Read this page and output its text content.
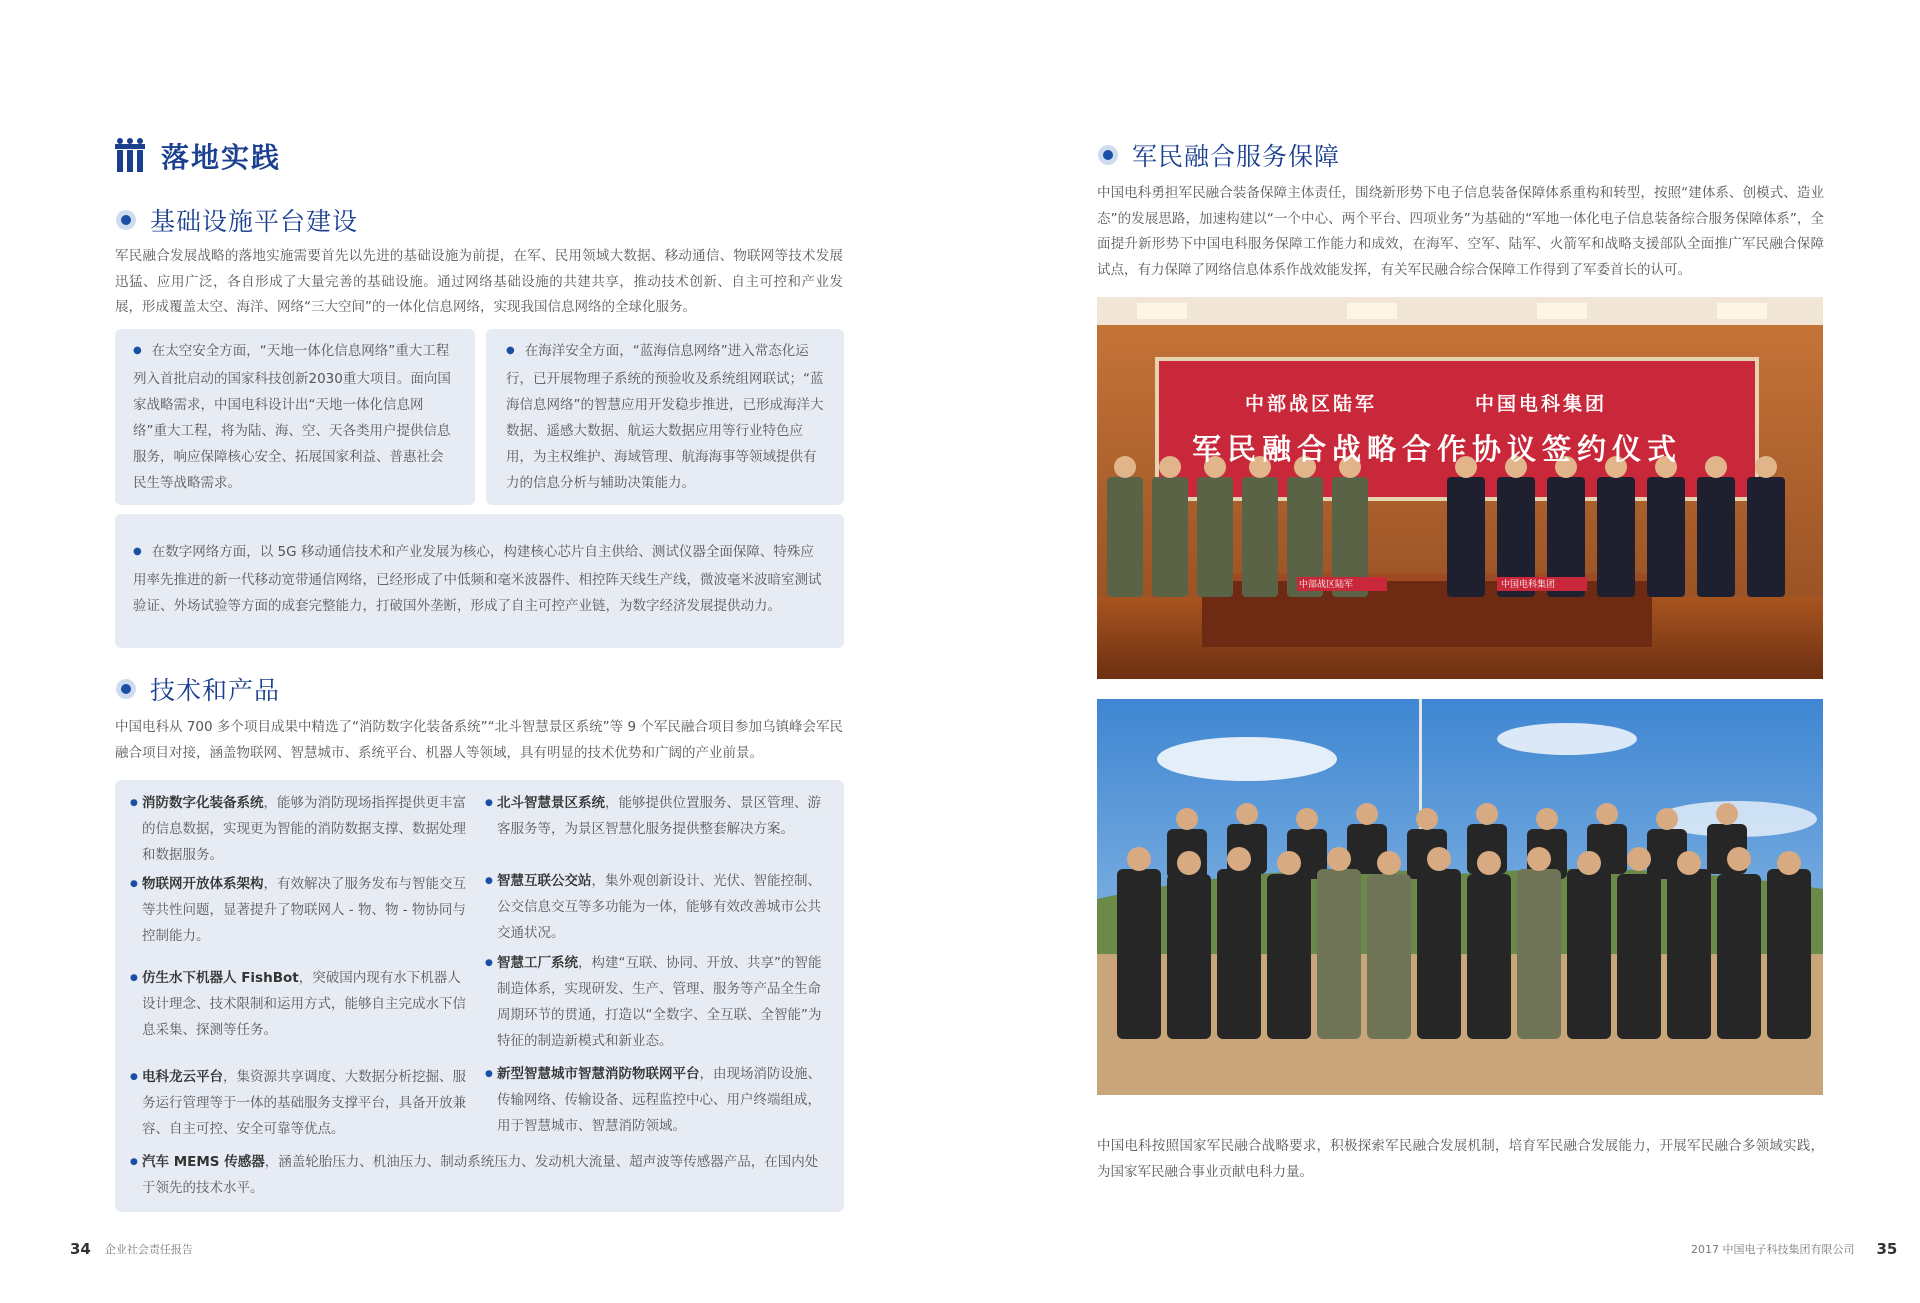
落地实践
基础设施平台建设
军民融合发展战略的落地实施需要首先以先进的基础设施为前提，在军、民用领域大数据、移动通信、物联网等技术发展迅猛、应用广泛，各自形成了大量完善的基础设施。通过网络基础设施的共建共享，推动技术创新、自主可控和产业发展，形成覆盖太空、海洋、网络“三大空间”的一体化信息网络，实现我国信息网络的全球化服务。
● 在太空安全方面，“天地一体化信息网络”重大工程列入首批启动的国家科技创新2030重大项目。面向国家战略需求，中国电科设计出“天地一体化信息网络”重大工程，将为陆、海、空、天各类用户提供信息服务，响应保障核心安全、拓展国家利益、普惠社会民生等战略需求。
● 在海洋安全方面，“蓝海信息网络”进入常态化运行，已开展物理子系统的预验收及系统组网联试；“蓝海信息网络”的智慧应用开发稳步推进，已形成海洋大数据、遥感大数据、航运大数据应用等行业特色应用，为主权维护、海域管理、航海海事等领域提供有力的信息分析与辅助决策能力。
● 在数字网络方面，以 5G 移动通信技术和产业发展为核心，构建核心芯片自主供给、测试仪器全面保障、特殊应用率先推进的新一代移动宽带通信网络，已经形成了中低频和毫米波器件、相控阵天线生产线，微波毫米波暗室测试验证、外场试验等方面的成套完整能力，打破国外垄断，形成了自主可控产业链，为数字经济发展提供动力。
技术和产品
中国电科从 700 多个项目成果中精选了“消防数字化装备系统”“北斗智慧景区系统”等 9 个军民融合项目参加乌镇峰会军民融合项目对接，涵盖物联网、智慧城市、系统平台、机器人等领域，具有明显的技术优势和广阔的产业前景。
● 消防数字化装备系统，能够为消防现场指挥提供更丰富的信息数据，实现更为智能的消防数据支撑、数据处理和数据服务。
● 物联网开放体系架构，有效解决了服务发布与智能交互等共性问题，显著提升了物联网人 - 物、物 - 物协同与控制能力。
● 仿生水下机器人 FishBot，突破国内现有水下机器人设计理念、技术限制和运用方式，能够自主完成水下信息采集、探测等任务。
● 电科龙云平台，集资源共享调度、大数据分析挖掘、服务运行管理等于一体的基础服务支撑平台，具备开放兼容、自主可控、安全可靠等优点。
● 北斗智慧景区系统，能够提供位置服务、景区管理、游客服务等，为景区智慧化服务提供整套解决方案。
● 智慧互联公交站，集外观创新设计、光伏、智能控制、公交信息交互等多功能为一体，能够有效改善城市公共交通状况。
● 智慧工厂系统，构建“互联、协同、开放、共享”的智能制造体系，实现研发、生产、管理、服务等产品全生命周期环节的贯通，打造以“全数字、全互联、全智能”为特征的制造新模式和新业态。
● 新型智慧城市智慧消防物联网平台，由现场消防设施、传输网络、传输设备、远程监控中心、用户终端组成，用于智慧城市、智慧消防领域。
● 汽车 MEMS 传感器，涵盖轮胎压力、机油压力、制动系统压力、发动机大流量、超声波等传感器产品，在国内处于领先的技术水平。
34 企业社会责任报告
军民融合服务保障
中国电科勇担军民融合装备保障主体责任，围绕新形势下电子信息装备保障体系重构和转型，按照“建体系、创模式、造业态”的发展思路，加速构建以“一个中心、两个平台、四项业务”为基础的“军地一体化电子信息装备综合服务保障体系”，全面提升新形势下中国电科服务保障工作能力和成效，在海军、空军、陆军、火箭军和战略支援部队全面推广军民融合保障试点，有力保障了网络信息体系作战效能发挥，有关军民融合综合保障工作得到了军委首长的认可。
中部战区陆军	中国电科集团
军民融合战略合作协议签约仪式
中部战区陆军	中国电科集团
中国电科按照国家军民融合战略要求，积极探索军民融合发展机制，培育军民融合发展能力，开展军民融合多领域实践，为国家军民融合事业贡献电科力量。
2017 中国电子科技集团有限公司 35
